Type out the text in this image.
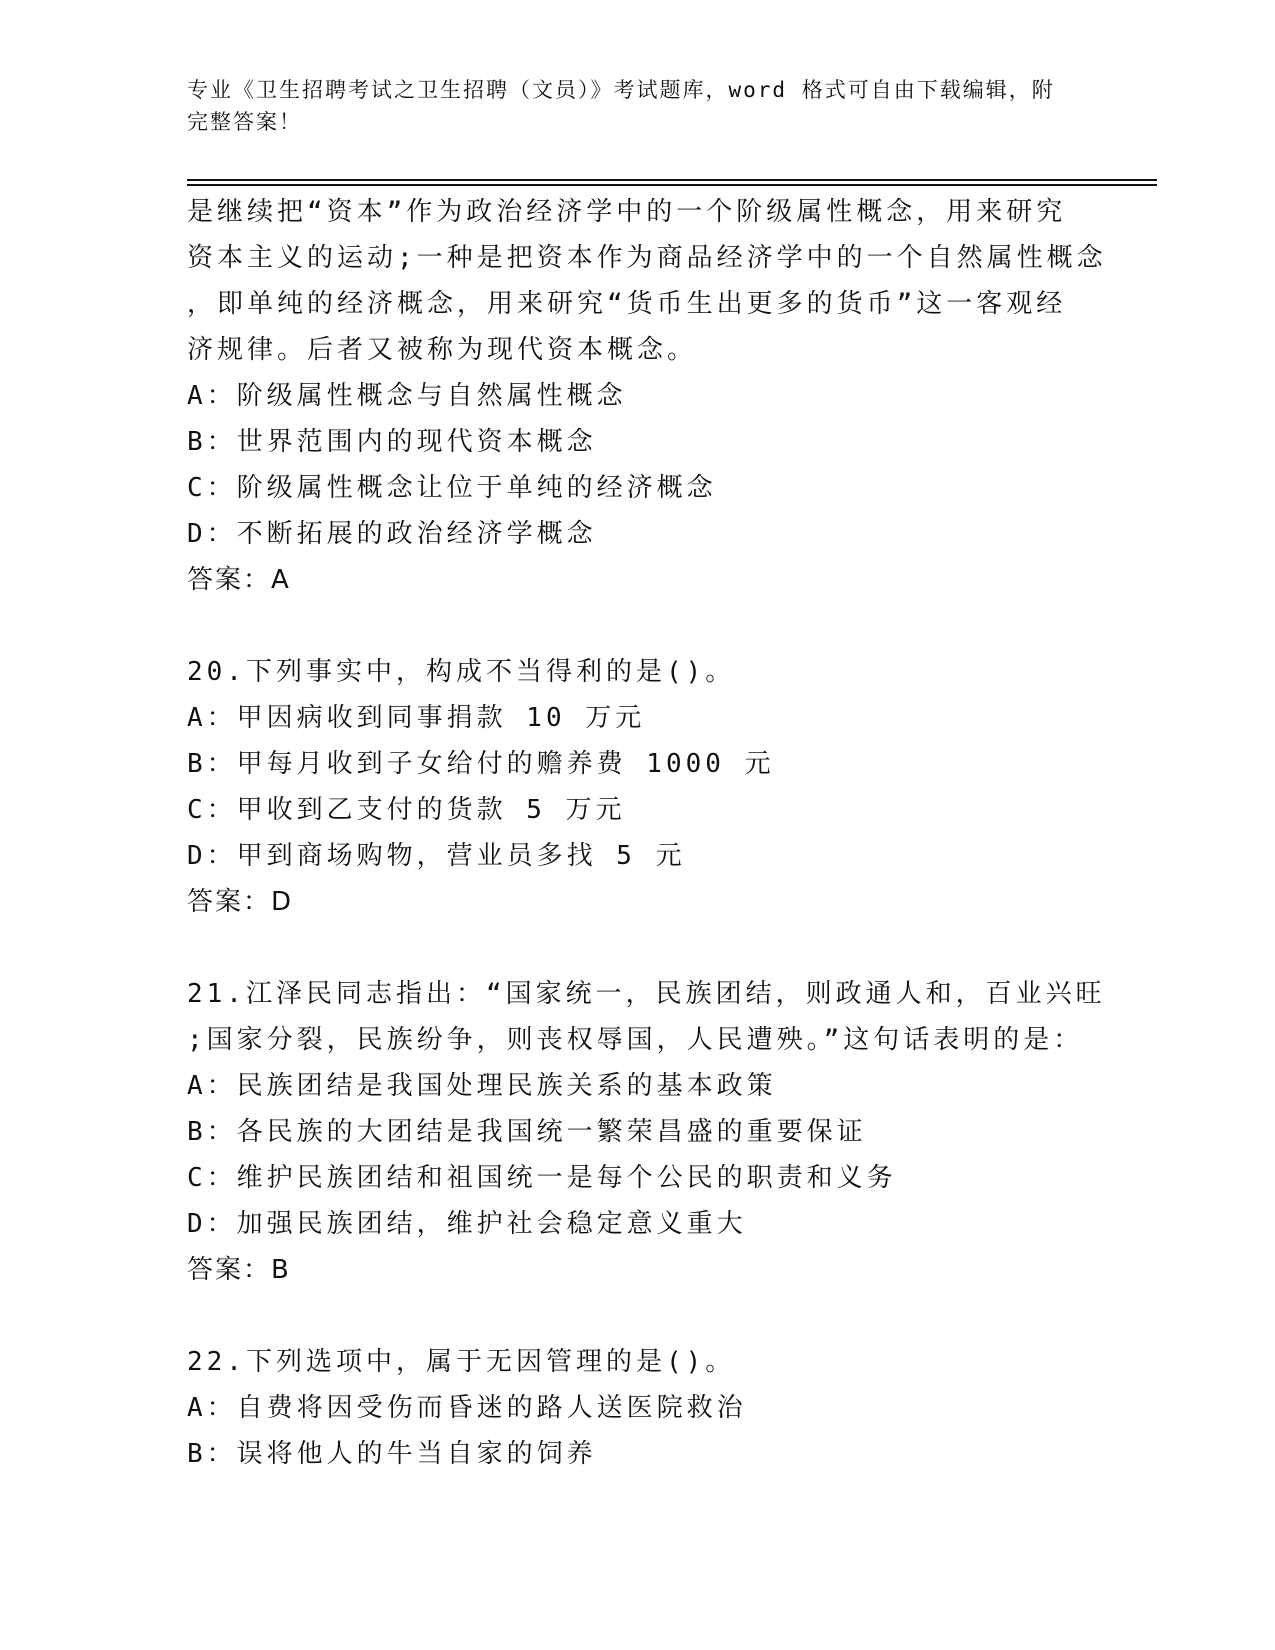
专业《卫生招聘考试之卫生招聘（文员）》考试题库，word 格式可自由下载编辑，附完整答案！
是继续把“资本”作为政治经济学中的一个阶级属性概念，用来研究
资本主义的运动;一种是把资本作为商品经济学中的一个自然属性概念
，即单纯的经济概念，用来研究“货币生出更多的货币”这一客观经
济规律。后者又被称为现代资本概念。
A：阶级属性概念与自然属性概念
B：世界范围内的现代资本概念
C：阶级属性概念让位于单纯的经济概念
D：不断拓展的政治经济学概念
答案：A
20.下列事实中，构成不当得利的是()。
A：甲因病收到同事捐款 10 万元
B：甲每月收到子女给付的赡养费 1000 元
C：甲收到乙支付的货款 5 万元
D：甲到商场购物，营业员多找 5 元
答案：D
21.江泽民同志指出：“国家统一，民族团结，则政通人和，百业兴旺
;国家分裂，民族纷争，则丧权辱国，人民遭殃。”这句话表明的是：
A：民族团结是我国处理民族关系的基本政策
B：各民族的大团结是我国统一繁荣昌盛的重要保证
C：维护民族团结和祖国统一是每个公民的职责和义务
D：加强民族团结，维护社会稳定意义重大
答案：B
22.下列选项中，属于无因管理的是()。
A：自费将因受伤而昏迷的路人送医院救治
B：误将他人的牛当自家的饲养
